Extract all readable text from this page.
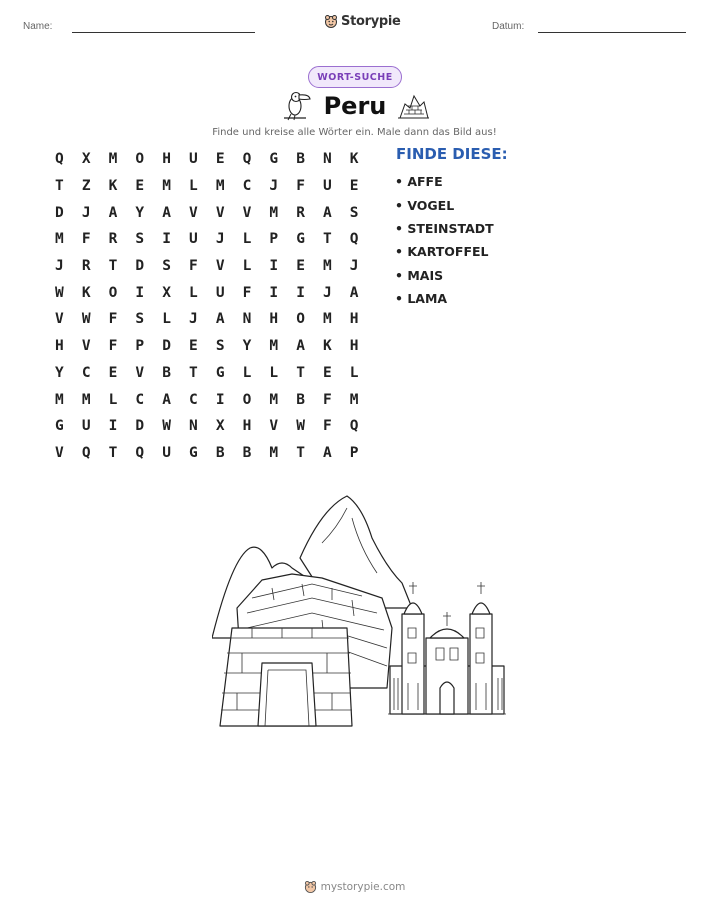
Name:	Storypie	Datum:
WORT-SUCHE
Peru
Finde und kreise alle Wörter ein. Male dann das Bild aus!
Q	X	M	O	H	U	E	Q	G	B	N	K
T	Z	K	E	M	L	M	C	J	F	U	E
D	J	A	Y	A	V	V	V	M	R	A	S
M	F	R	S	I	U	J	L	P	G	T	Q
J	R	T	D	S	F	V	L	I	E	M	J
W	K	O	I	X	L	U	F	I	I	J	A
V	W	F	S	L	J	A	N	H	O	M	H
H	V	F	P	D	E	S	Y	M	A	K	H
Y	C	E	V	B	T	G	L	L	T	E	L
M	M	L	C	A	C	I	O	M	B	F	M
G	U	I	D	W	N	X	H	V	W	F	Q
V	Q	T	Q	U	G	B	B	M	T	A	P
FINDE DIESE:
• AFFE
• VOGEL
• STEINSTADT
• KARTOFFEL
• MAIS
• LAMA
mystorypie.com
